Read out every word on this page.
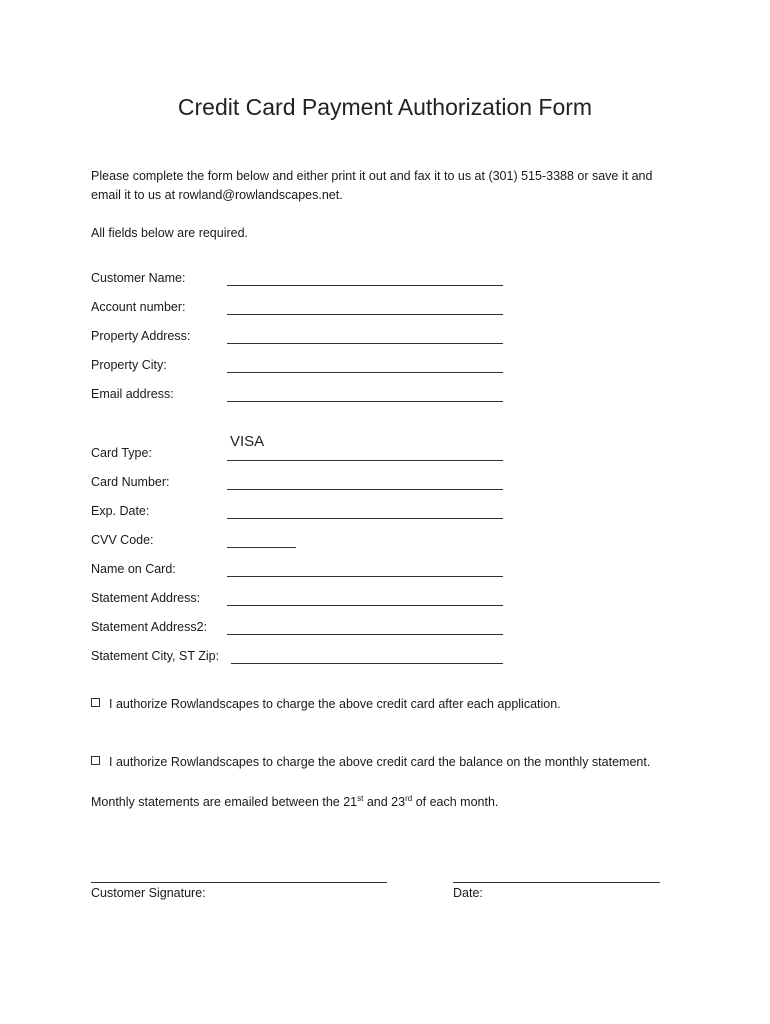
Credit Card Payment Authorization Form
Please complete the form below and either print it out and fax it to us at (301) 515-3388 or save it and
email it to us at rowland@rowlandscapes.net.
All fields below are required.
Customer Name:
Account number:
Property Address:
Property City:
Email address:
Card Type:
VISA
Card Number:
Exp. Date:
CVV Code:
Name on Card:
Statement Address:
Statement Address2:
Statement City, ST Zip:
I authorize Rowlandscapes to charge the above credit card after each application.
I authorize Rowlandscapes to charge the above credit card the balance on the monthly statement.
Monthly statements are emailed between the 21st and 23rd of each month.
Customer Signature:	Date:
